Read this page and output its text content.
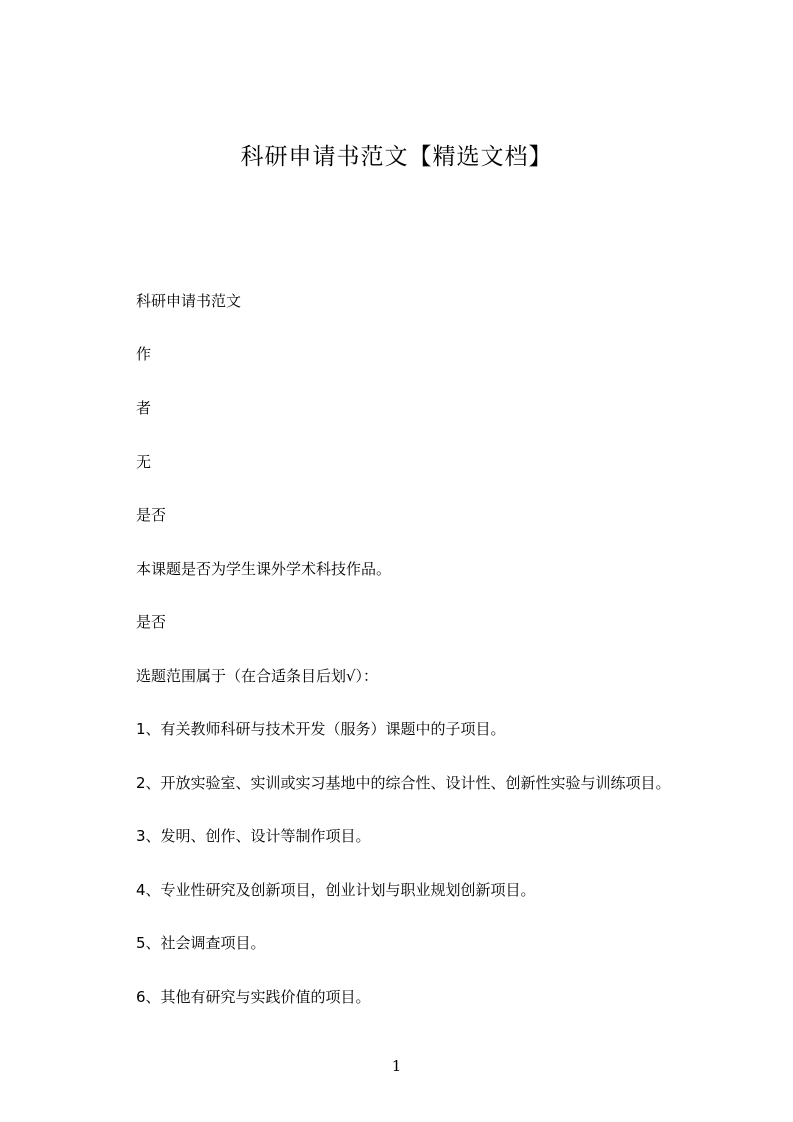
科研申请书范文【精选文档】
科研申请书范文
作
者
无
是否
本课题是否为学生课外学术科技作品。
是否
选题范围属于（在合适条目后划√）：
1、有关教师科研与技术开发（服务）课题中的子项目。
2、开放实验室、实训或实习基地中的综合性、设计性、创新性实验与训练项目。
3、发明、创作、设计等制作项目。
4、专业性研究及创新项目，创业计划与职业规划创新项目。
5、社会调查项目。
6、其他有研究与实践价值的项目。
1
